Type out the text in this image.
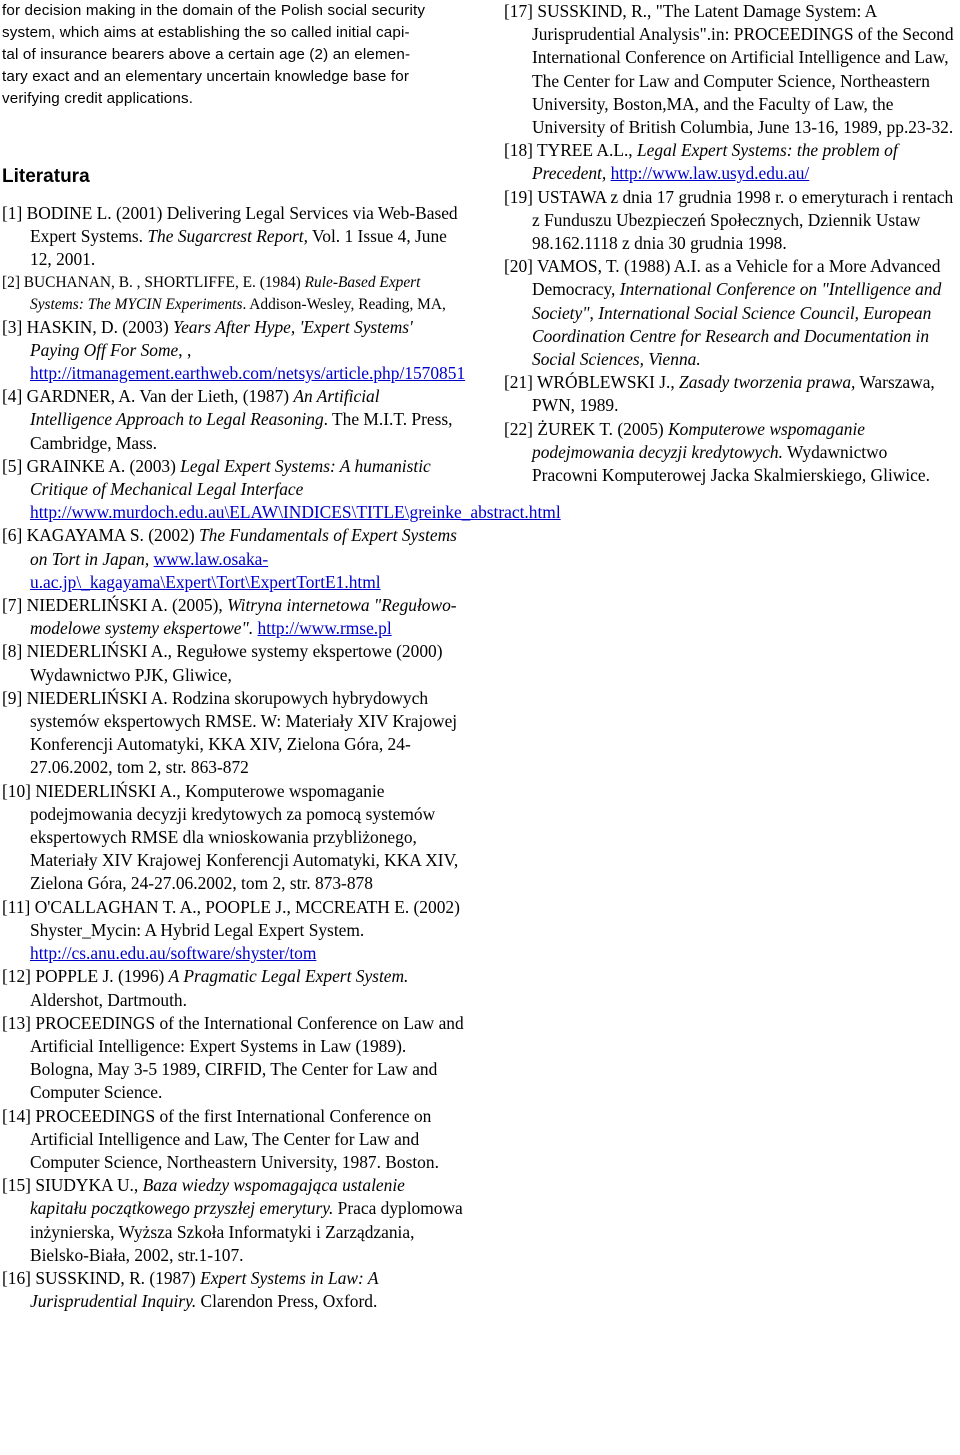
for decision making in the domain of the Polish social security
system, which aims at establishing the so called initial capi-
tal of insurance bearers above a certain age (2) an elemen-
tary exact and an elementary uncertain knowledge base for
verifying credit applications.
Literatura

[1] BODINE L. (2001) Delivering Legal Services via Web-Based Expert Systems. The Sugarcrest Report, Vol. 1 Issue 4, June 12, 2001.

[2] BUCHANAN, B. , SHORTLIFFE, E. (1984) Rule-Based Expert Systems: The MYCIN Experiments. Addison-Wesley, Reading, MA,

[3] HASKIN, D. (2003) Years After Hype, 'Expert Systems' Paying Off For Some, , http://itmanagement.earthweb.com/netsys/article.php/1570851

[4] GARDNER, A. Van der Lieth, (1987) An Artificial Intelligence Approach to Legal Reasoning. The M.I.T. Press, Cambridge, Mass.

[5] GRAINKE A. (2003) Legal Expert Systems: A humanistic Critique of Mechanical Legal Interface http://www.murdoch.edu.au\ELAW\INDICES\TITLE\greinke_abstract.html

[6] KAGAYAMA S. (2002) The Fundamentals of Expert Systems on Tort in Japan, www.law.osaka-u.ac.jp\_kagayama\Expert\Tort\ExpertTortE1.html

[7] NIEDERLIŃSKI A. (2005), Witryna internetowa "Regułowo-modelowe systemy ekspertowe". http://www.rmse.pl

[8] NIEDERLIŃSKI A., Regułowe systemy ekspertowe (2000) Wydawnictwo PJK, Gliwice,

[9] NIEDERLIŃSKI A. Rodzina skorupowych hybrydowych systemów ekspertowych RMSE. W: Materiały XIV Krajowej Konferencji Automatyki, KKA XIV, Zielona Góra, 24-27.06.2002, tom 2, str. 863-872

[10] NIEDERLIŃSKI A., Komputerowe wspomaganie podejmowania decyzji kredytowych za pomocą systemów ekspertowych RMSE dla wnioskowania przybliżonego, Materiały XIV Krajowej Konferencji Automatyki, KKA XIV, Zielona Góra, 24-27.06.2002, tom 2, str. 873-878

[11] O'CALLAGHAN T. A., POOPLE J., MCCREATH E. (2002) Shyster_Mycin: A Hybrid Legal Expert System. http://cs.anu.edu.au/software/shyster/tom

[12] POPPLE J. (1996) A Pragmatic Legal Expert System. Aldershot, Dartmouth.

[13] PROCEEDINGS of the International Conference on Law and Artificial Intelligence: Expert Systems in Law (1989). Bologna, May 3-5 1989, CIRFID, The Center for Law and Computer Science.

[14] PROCEEDINGS of the first International Conference on Artificial Intelligence and Law, The Center for Law and Computer Science, Northeastern University, 1987. Boston.

[15] SIUDYKA U., Baza wiedzy wspomagająca ustalenie kapitału początkowego przyszłej emerytury. Praca dyplomowa inżynierska, Wyższa Szkoła Informatyki i Zarządzania, Bielsko-Biała, 2002, str.1-107.

[16] SUSSKIND, R. (1987) Expert Systems in Law: A Jurisprudential Inquiry. Clarendon Press, Oxford.

[17] SUSSKIND, R., "The Latent Damage System: A Jurisprudential Analysis".in: PROCEEDINGS of the Second International Conference on Artificial Intelligence and Law, The Center for Law and Computer Science, Northeastern University, Boston,MA, and the Faculty of Law, the University of British Columbia, June 13-16, 1989, pp.23-32.

[18] TYREE A.L., Legal Expert Systems: the problem of Precedent, http://www.law.usyd.edu.au/

[19] USTAWA z dnia 17 grudnia 1998 r. o emeryturach i rentach z Funduszu Ubezpieczeń Społecznych, Dziennik Ustaw 98.162.1118 z dnia 30 grudnia 1998.

[20] VAMOS, T. (1988) A.I. as a Vehicle for a More Advanced Democracy, International Conference on "Intelligence and Society", International Social Science Council, European Coordination Centre for Research and Documentation in Social Sciences, Vienna.

[21] WRÓBLEWSKI J., Zasady tworzenia prawa, Warszawa, PWN, 1989.

[22] ŻUREK T. (2005) Komputerowe wspomaganie podejmowania decyzji kredytowych. Wydawnictwo Pracowni Komputerowej Jacka Skalmierskiego, Gliwice.
